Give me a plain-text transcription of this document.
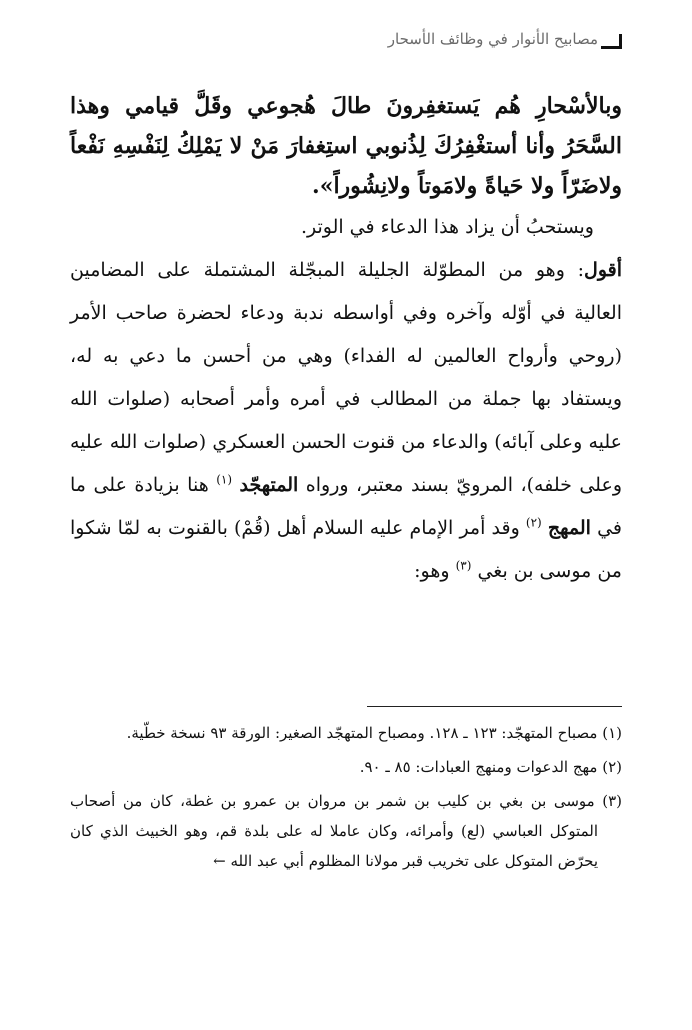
مصابيح الأنوار في وظائف الأسحار

وبالأسْحارِ هُم يَستغفِرونَ طالَ هُجوعي وقَلَّ قيامي وهذا السَّحَرُ وأنا أستغْفِرُكَ لِذُنوبي استِغفارَ مَنْ لا يَمْلِكُ لِنَفْسِهِ نَفْعاً ولاضَرّاً ولا حَياةً ولامَوتاً ولانِشُوراً».

ويستحبُ أن يزاد هذا الدعاء في الوتر.

أقول: وهو من المطوّلة الجليلة المبجّلة المشتملة على المضامين العالية في أوّله وآخره وفي أواسطه ندبة ودعاء لحضرة صاحب الأمر (روحي وأرواح العالمين له الفداء) وهي من أحسن ما دعي به له، ويستفاد بها جملة من المطالب في أمره وأمر أصحابه (صلوات الله عليه وعلى آبائه) والدعاء من قنوت الحسن العسكري (صلوات الله عليه وعلى خلفه)، المرويّ بسند معتبر، ورواه المتهجّد $^{(١)}$ هنا بزيادة على ما في المهج $^{(٢)}$ وقد أمر الإمام عليه السلام أهل (قُمْ) بالقنوت به لمّا شكوا من موسى بن بغي $^{(٣)}$ وهو:

(١) مصباح المتهجّد: ١٢٣ ـ ١٢٨. ومصباح المتهجّد الصغير: الورقة ٩٣ نسخة خطّية.

(٢) مهج الدعوات ومنهج العبادات: ٨٥ ـ ٩٠.

(٣) موسى بن بغي بن كليب بن شمر بن مروان بن عمرو بن غطة، كان من أصحاب المتوكل العباسي (لع) وأمرائه، وكان عاملا له على بلدة قم، وهو الخبيث الذي كان يحرّض المتوكل على تخريب قبر مولانا المظلوم أبي عبد الله ←
